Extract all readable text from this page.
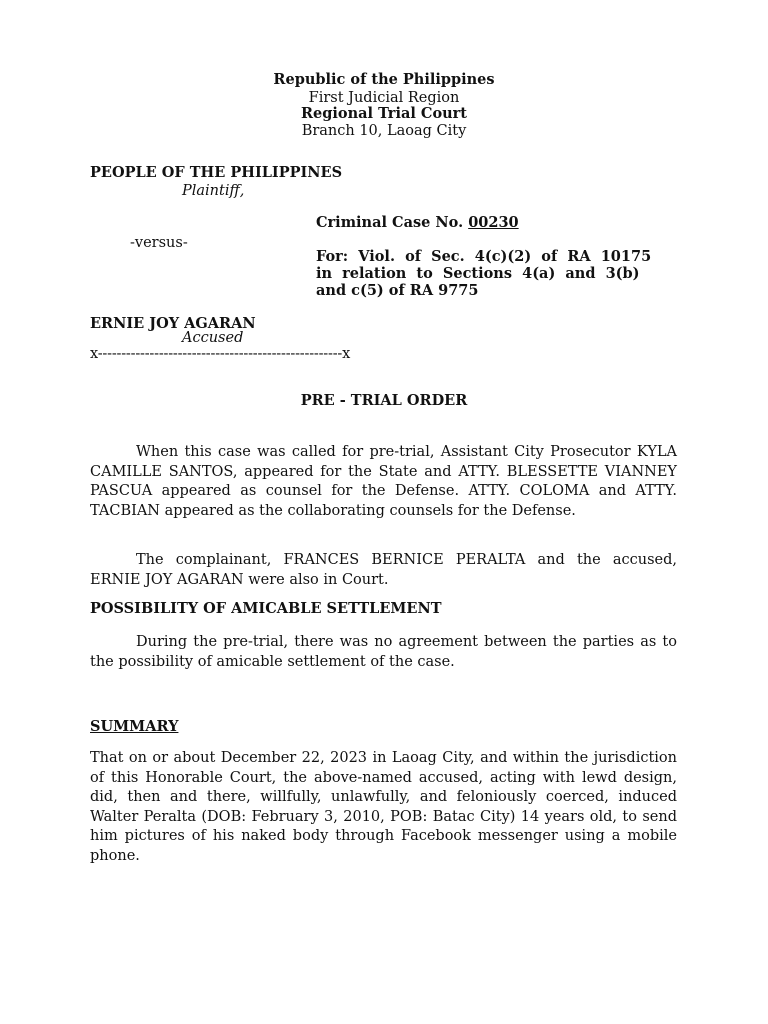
Republic of the Philippines
First Judicial Region
Regional Trial Court
Branch 10, Laoag City
PEOPLE OF THE PHILIPPINES
Plaintiff,
Criminal Case No. 00230
-versus-
For:  Viol.  of  Sec.  4(c)(2)  of  RA  10175
in  relation  to  Sections  4(a)  and  3(b)
and c(5) of RA 9775
ERNIE JOY AGARAN
Accused
x----------------------------------------------------x
PRE - TRIAL ORDER

When this case was called for pre-trial, Assistant City Prosecutor KYLA CAMILLE SANTOS, appeared for the State and ATTY. BLESSETTE VIANNEY PASCUA appeared as counsel for the Defense. ATTY. COLOMA and ATTY. TACBIAN appeared as the collaborating counsels for the Defense.

The complainant, FRANCES BERNICE PERALTA and the accused, ERNIE JOY AGARAN were also in Court.

POSSIBILITY OF AMICABLE SETTLEMENT

During the pre-trial, there was no agreement between the parties as to the possibility of amicable settlement of the case.

SUMMARY

That on or about December 22, 2023 in Laoag City, and within the jurisdiction of this Honorable Court, the above-named accused, acting with lewd design, did, then and there, willfully, unlawfully, and feloniously coerced, induced Walter Peralta (DOB: February 3, 2010, POB: Batac City) 14 years old, to send him pictures of his naked body through Facebook messenger using a mobile phone.
